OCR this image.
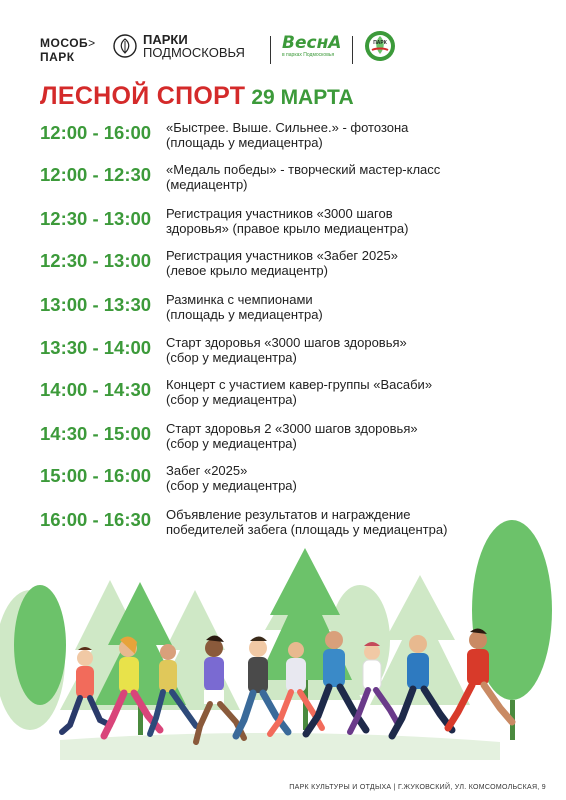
МОСОБ>
ПАРК
ПАРКИ
ПОДМОСКОВЬЯ ВеснА
в парках Подмосковья
ПАРК
ЛЕСНОЙ СПОРТ 29 МАРТА
12:00 - 16:00 «Быстрее. Выше. Сильнее.» - фотозона
(площадь у медиацентра)
12:00 - 12:30 «Медаль победы» - творческий мастер-класс
(медиацентр)
12:30 - 13:00 Регистрация участников «3000 шагов
здоровья» (правое крыло медиацентра)
12:30 - 13:00 Регистрация участников «Забег 2025»
(левое крыло медиацентр)
13:00 - 13:30 Разминка с чемпионами
(площадь у медиацентра)
13:30 - 14:00 Старт здоровья «3000 шагов здоровья»
(сбор у медиацентра)
14:00 - 14:30 Концерт с участием кавер-группы «Васаби»
(сбор у медиацентра)
14:30 - 15:00 Старт здоровья 2 «3000 шагов здоровья»
(сбор у медиацентра)
15:00 - 16:00 Забег «2025»
(сбор у медиацентра)
16:00 - 16:30 Объявление результатов и награждение
победителей забега (площадь у медиацентра)
ПАРК КУЛЬТУРЫ И ОТДЫХА | Г.ЖУКОВСКИЙ, УЛ. КОМСОМОЛЬСКАЯ, 9
